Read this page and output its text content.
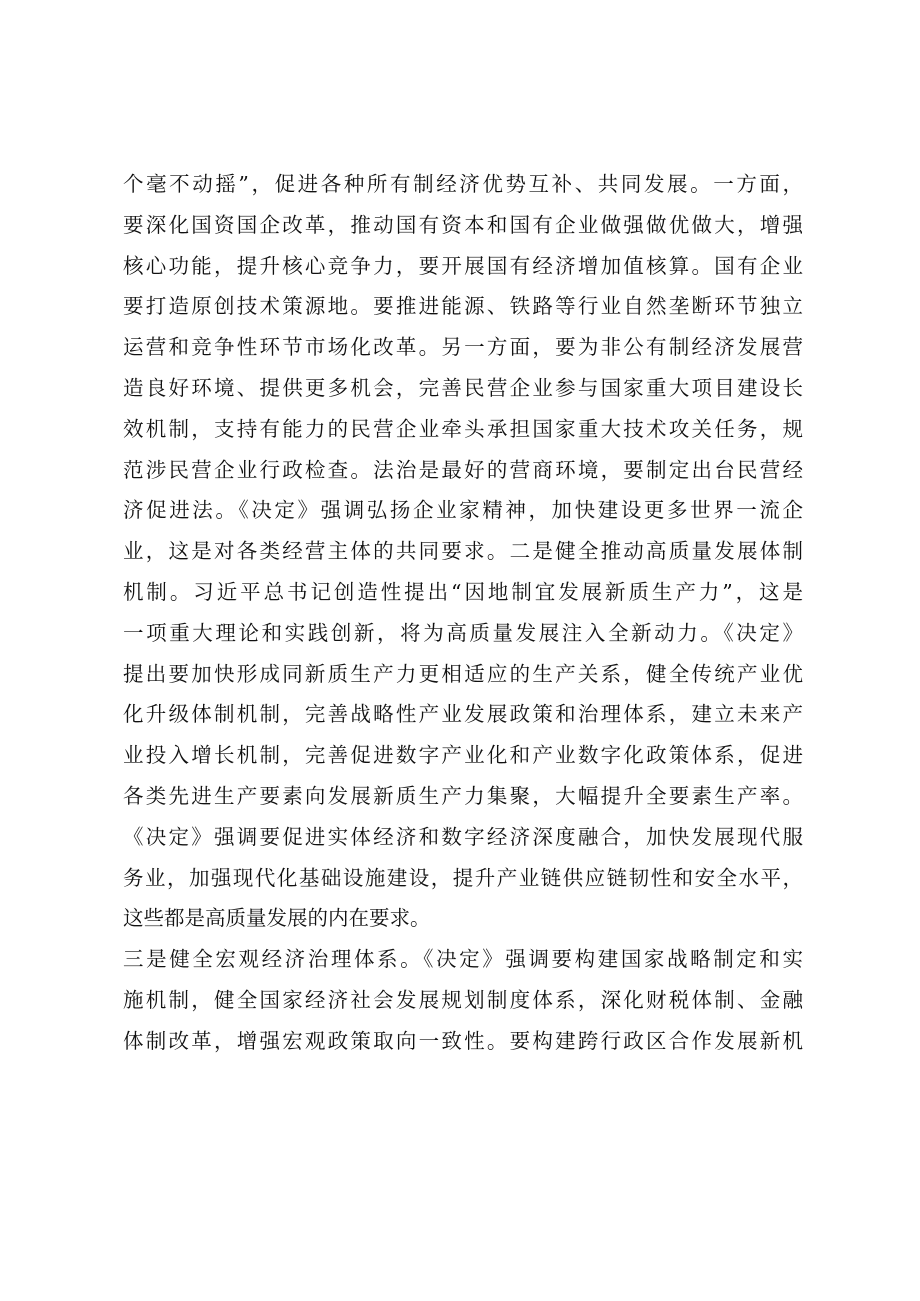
个毫不动摇”，促进各种所有制经济优势互补、共同发展。一方面，
要深化国资国企改革，推动国有资本和国有企业做强做优做大，增强
核心功能，提升核心竞争力，要开展国有经济增加值核算。国有企业
要打造原创技术策源地。要推进能源、铁路等行业自然垄断环节独立
运营和竞争性环节市场化改革。另一方面，要为非公有制经济发展营
造良好环境、提供更多机会，完善民营企业参与国家重大项目建设长
效机制，支持有能力的民营企业牵头承担国家重大技术攻关任务，规
范涉民营企业行政检查。法治是最好的营商环境，要制定出台民营经
济促进法。《决定》强调弘扬企业家精神，加快建设更多世界一流企
业，这是对各类经营主体的共同要求。二是健全推动高质量发展体制
机制。习近平总书记创造性提出“因地制宜发展新质生产力”，这是
一项重大理论和实践创新，将为高质量发展注入全新动力。《决定》
提出要加快形成同新质生产力更相适应的生产关系，健全传统产业优
化升级体制机制，完善战略性产业发展政策和治理体系，建立未来产
业投入增长机制，完善促进数字产业化和产业数字化政策体系，促进
各类先进生产要素向发展新质生产力集聚，大幅提升全要素生产率。
《决定》强调要促进实体经济和数字经济深度融合，加快发展现代服
务业，加强现代化基础设施建设，提升产业链供应链韧性和安全水平，
这些都是高质量发展的内在要求。
三是健全宏观经济治理体系。《决定》强调要构建国家战略制定和实
施机制，健全国家经济社会发展规划制度体系，深化财税体制、金融
体制改革，增强宏观政策取向一致性。要构建跨行政区合作发展新机
